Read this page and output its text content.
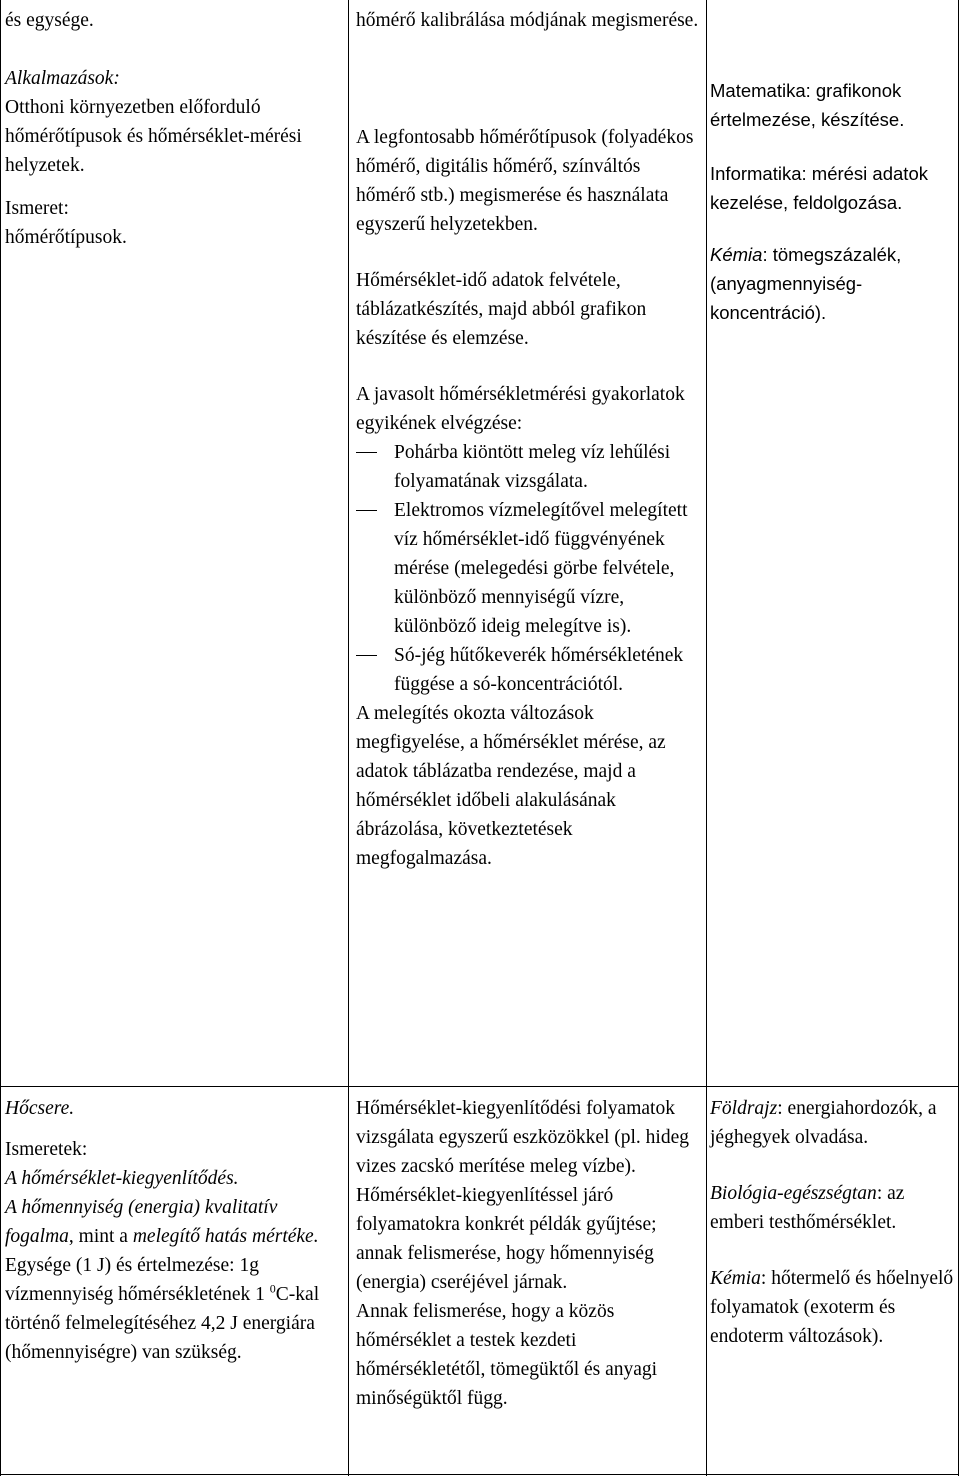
és egysége.

Alkalmazások:

Otthoni környezetben előforduló hőmérőtípusok és hőmérséklet-mérési helyzetek.

Ismeret:

hőmérőtípusok.

hőmérő kalibrálása módjának megismerése.

A legfontosabb hőmérőtípusok (folyadékos hőmérő, digitális hőmérő, színváltós hőmérő stb.) megismerése és használata egyszerű helyzetekben.

Hőmérséklet-idő adatok felvétele, táblázatkészítés, majd abból grafikon készítése és elemzése.

A javasolt hőmérsékletmérési gyakorlatok egyikének elvégzése:

Pohárba kiöntött meleg víz lehűlési folyamatának vizsgálata.
Elektromos vízmelegítővel melegített víz hőmérséklet-idő függvényének mérése (melegedési görbe felvétele, különböző mennyiségű vízre, különböző ideig melegítve is).
Só-jég hűtőkeverék hőmérsékletének függése a só-koncentrációtól.

A melegítés okozta változások megfigyelése, a hőmérséklet mérése, az adatok táblázatba rendezése, majd a hőmérséklet időbeli alakulásának ábrázolása, következtetések megfogalmazása.

Matematika: grafikonok értelmezése, készítése.

Informatika: mérési adatok kezelése, feldolgozása.

Kémia: tömegszázalék, (anyagmennyiség-koncentráció).

Hőcsere.

Ismeretek:

A hőmérséklet-kiegyenlítődés.

A hőmennyiség (energia) kvalitatív fogalma, mint a melegítő hatás mértéke.

Egysége (1 J) és értelmezése: 1g vízmennyiség hőmérsékletének 1 $^0$C-kal történő felmelegítéséhez 4,2 J energiára (hőmennyiségre) van szükség.

Hőmérséklet-kiegyenlítődési folyamatok vizsgálata egyszerű eszközökkel (pl. hideg vizes zacskó merítése meleg vízbe).

Hőmérséklet-kiegyenlítéssel járó folyamatokra konkrét példák gyűjtése; annak felismerése, hogy hőmennyiség (energia) cseréjével járnak.

Annak felismerése, hogy a közös hőmérséklet a testek kezdeti hőmérsékletétől, tömegüktől és anyagi minőségüktől függ.

Földrajz: energiahordozók, a jéghegyek olvadása.

Biológia-egészségtan: az emberi testhőmérséklet.

Kémia: hőtermelő és hőelnyelő folyamatok (exoterm és endoterm változások).
